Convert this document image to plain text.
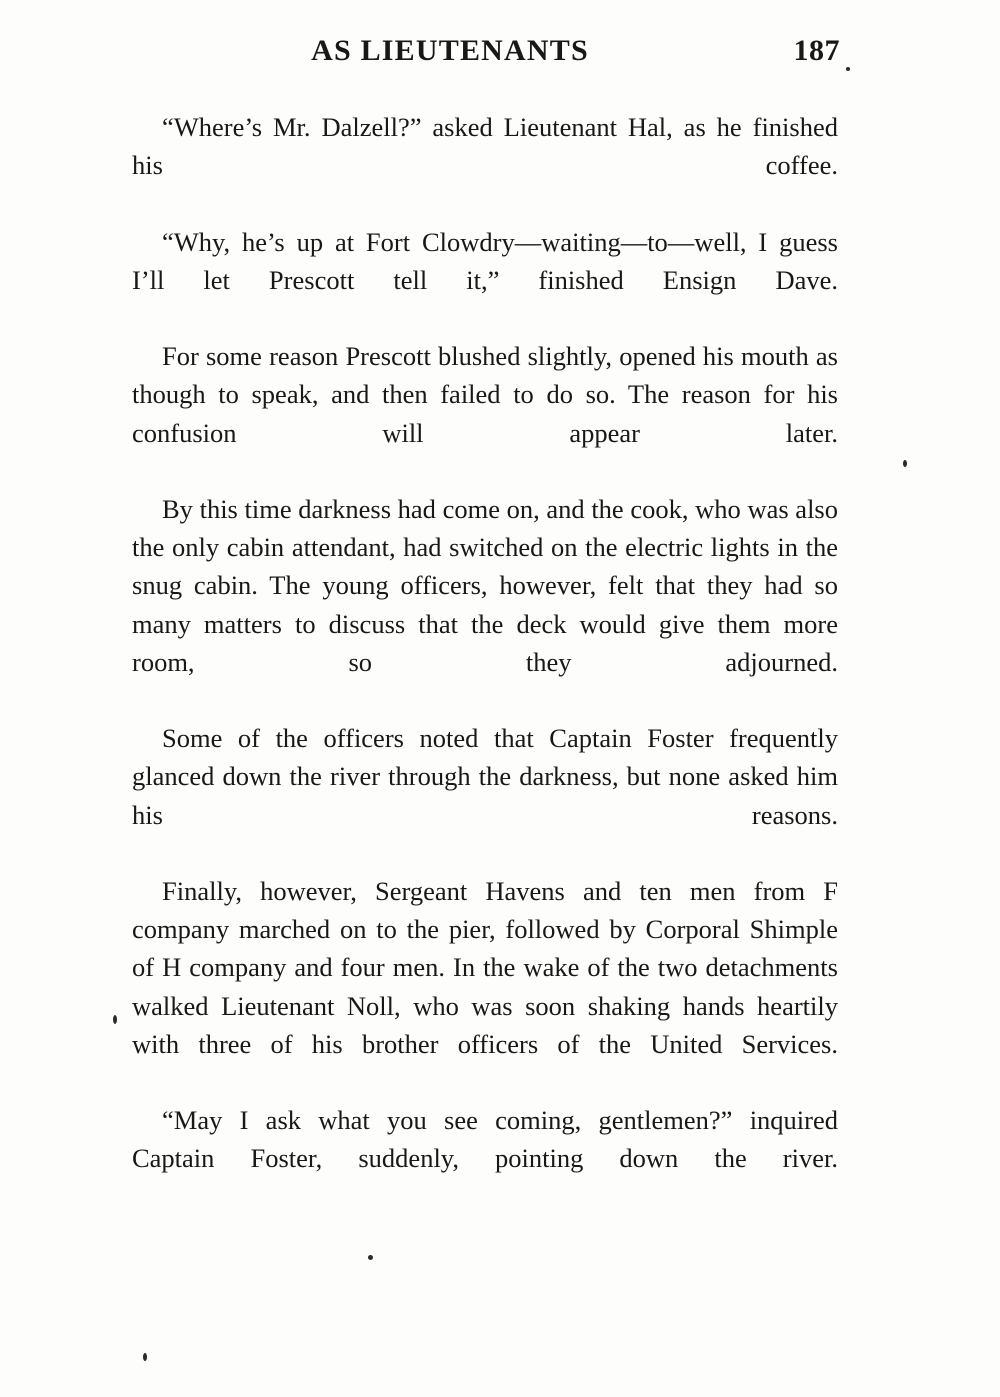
AS LIEUTENANTS	187

“Where’s Mr. Dalzell?” asked Lieutenant Hal, as he finished his coffee.

“Why, he’s up at Fort Clowdry—waiting—to—well, I guess I’ll let Prescott tell it,” finished Ensign Dave.

For some reason Prescott blushed slightly, opened his mouth as though to speak, and then failed to do so. The reason for his confusion will appear later.

By this time darkness had come on, and the cook, who was also the only cabin attendant, had switched on the electric lights in the snug cabin. The young officers, however, felt that they had so many matters to discuss that the deck would give them more room, so they adjourned.

Some of the officers noted that Captain Foster frequently glanced down the river through the darkness, but none asked him his reasons.

Finally, however, Sergeant Havens and ten men from F company marched on to the pier, followed by Corporal Shimple of H company and four men. In the wake of the two detachments walked Lieutenant Noll, who was soon shaking hands heartily with three of his brother officers of the United Services.

“May I ask what you see coming, gentlemen?” inquired Captain Foster, suddenly, pointing down the river.
